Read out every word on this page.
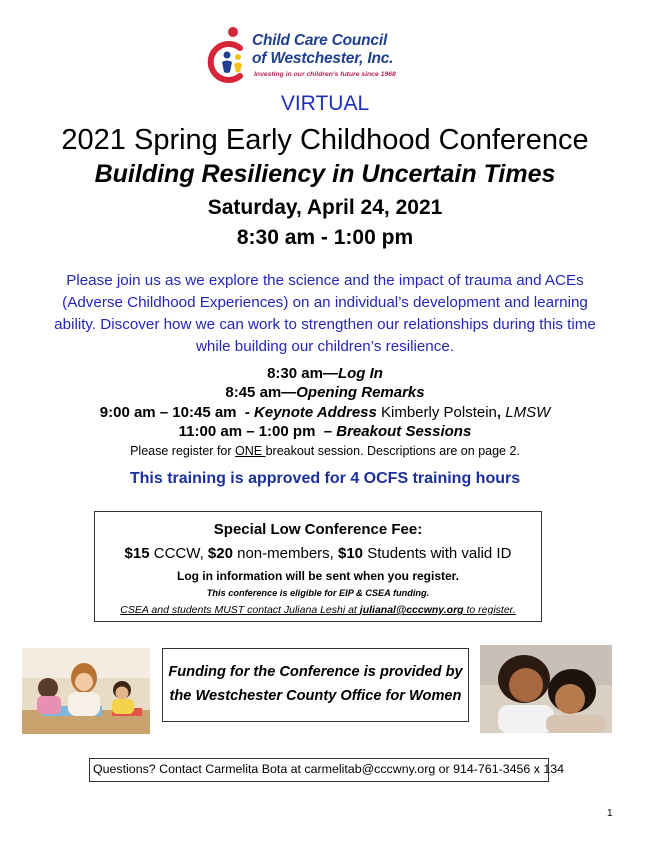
Child Care Council
of Westchester, Inc.
Investing in our children's future since 1968
VIRTUAL
2021 Spring Early Childhood Conference
Building Resiliency in Uncertain Times
Saturday, April 24, 2021
8:30 am - 1:00 pm
Please join us as we explore the science and the impact of trauma and ACEs (Adverse Childhood Experiences) on an individual’s development and learning ability. Discover how we can work to strengthen our relationships during this time while building our children’s resilience.
8:30 am—Log In
8:45 am—Opening Remarks
9:00 am – 10:45 am  - Keynote Address Kimberly Polstein, LMSW
11:00 am – 1:00 pm  – Breakout Sessions
Please register for ONE breakout session. Descriptions are on page 2.
This training is approved for 4 OCFS training hours
Special Low Conference Fee:
$15 CCCW, $20 non-members, $10 Students with valid ID
Log in information will be sent when you register.
This conference is eligible for EIP & CSEA funding.
CSEA and students MUST contact Juliana Leshi at julianal@cccwny.org to register.
Funding for the Conference is provided by
the Westchester County Office for Women
Questions? Contact Carmelita Bota at carmelitab@cccwny.org or 914-761-3456 x 134
1
